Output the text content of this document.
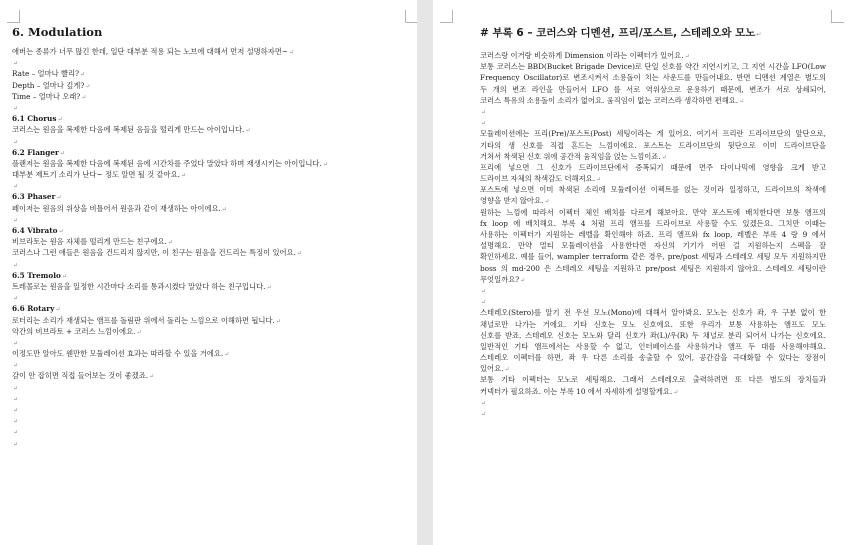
6. Modulation
애버는 종류가 너무 많긴 한데, 일단 대부분 적용 되는 노브에 대해서 먼저 설명하자면~↵
↵
Rate – 얼마나 빨리?↵
Depth – 얼마나 깊게?↵
Time – 얼마나 오래?↵
↵
6.1 Chorus↵
코러스는 원음을 복제한 다음에 복제된 음들을 떨리게 만드는 아이입니다.↵
↵
6.2 Flanger↵
플랜저는 원음을 복제한 다음에 복제된 음에 시간차를 주었다 말았다 하며 재생시키는 아이입니다.↵
대부분 제트기 소리가 난다~ 정도 알면 될 것 같아요.↵
↵
6.3 Phaser↵
페이저는 원음의 위상을 비틀어서 원음과 같이 재생하는 아이에요.↵
↵
6.4 Vibrato↵
비브라토는 원음 자체를 떨리게 만드는 친구에요.↵
코러스나 그런 애들은 원음을 건드리지 않지만, 이 친구는 원음을 건드리는 특징이 있어요.↵
↵
6.5 Tremolo↵
트레몰로는 원음을 일정한 시간마다 소리를 통과시켰다 말았다 하는 친구입니다.↵
↵
6.6 Rotary↵
로터리는 소리가 재생되는 앰프를 돌림판 위에서 돌리는 느낌으로 이해하면 됩니다.↵
악간의 비브라토 + 코러스 느낌이에요.↵
↵
이정도만 알아도 웬만한 모듈레이션 효과는 따라할 수 있을 거에요.↵
↵
감이 안 잡히면 직접 들어보는 것이 좋겠죠.↵
↵
↵
↵
↵
↵
↵
# 부록 6 – 코러스와 디멘션, 프리/포스트, 스테레오와 모노↵
코러스랑 이거랑 비슷하게 Dimension 이라는 이펙터가 있어요.↵
보통 코러스는 BBD(Bucket Brigade Device)로 단일 신호를 약간 지연시키고, 그 지연 시간을 LFO(Low
Frequency Oscillator)로 변조시켜서 소용돌이 치는 사운드를 만들어내요. 반면 디멘션 계열은 별도의
두 개의 변조 라인을 만들어서 LFO 를 서로 역위상으로 운용하기 때문에, 변조가 서로 상쇄되어,
코러스 특유의 소용돌이 소리가 없어요. 움직임이 없는 코러스라 생각하면 편해요.↵
↵
↵
모듈레이션에는 프리(Pre)/포스트(Post) 세팅이라는 게 있어요. 여기서 프리란 드라이브단의 앞단으로,
기타의 생 신호를 직접 흔드는 느낌이에요. 포스트는 드라이브단의 뒷단으로 이미 드라이브단을
거쳐서 착색된 신호 위에 공간적 움직임을 얹는 느낌이죠.↵
프리에 넣으면 그 신호가 드라이브단에서 증폭되기 때문에 면주 다이나믹에 영향을 크게 받고
드라이브 자체의 착색감도 더해져요.↵
포스트에 넣으면 이미 착색된 소리에 모듈레이션 이펙트를 얹는 것이라 일정하고, 드라이브의 착색에
영향을 받지 않아요.↵
원하는 느낌에 따라서 이펙터 체인 배치를 다르게 해보아요. 만약 포스트에 배치한다면 보통 앰프의
fx loop 에 배치해요. 부록 4 처럼 프리 앰프를 드라이브로 사용할 수도 있겠든요. 그치만 이때는
사용하는 이펙터가 지원하는 레벨을 확인해야 하죠. 프리 앰프와 fx loop, 레벨은 부록 4 랑 9 에서
설명해요. 만약 멀티 모듈레이션을 사용한다면 자신의 기기가 어떤 걸 지원하는지 스펙을 잘
확인하세요. 예를 들어, wampler terraform 같은 경우, pre/post 세팅과 스테레오 세팅 모두 지원하지만
boss 의 md-200 은 스테레오 세팅을 지원하고 pre/post 세팅은 지원하지 않아요. 스테레오 세팅이란
무엇일까요?↵
↵
↵
스테레오(Stero)를 알기 전 우선 모노(Mono)에 대해서 알아봐요. 모노는 신호가 좌, 우 구분 없이 한
채널로만 나가는 거에요. 기타 신호는 모노 신호에요. 또한 우리가 보통 사용하는 앰프도 모노
신호를 받죠. 스테레오 신호는 모노와 달리 신호가 좌(L)/우(R) 두 채널로 분리 되어서 나가는 신호에요.
일반적인 기타 앰프에서는 사용할 수 없고, 인터페이스를 사용하거나 앰프 두 대를 사용해야해요.
스테레오 이펙터를 하면, 좌 우 다른 소리를 송출할 수 있어, 공간감을 극대화할 수 있다는 장점이
있어요.↵
보통 기타 이펙터는 모노로 세팅해요. 그래서 스테레오로 출력하려면 또 다른 별도의 장치들과
커넥터가 필요하죠. 이는 부록 10 에서 자세하게 설명할게요.↵
↵
↵
